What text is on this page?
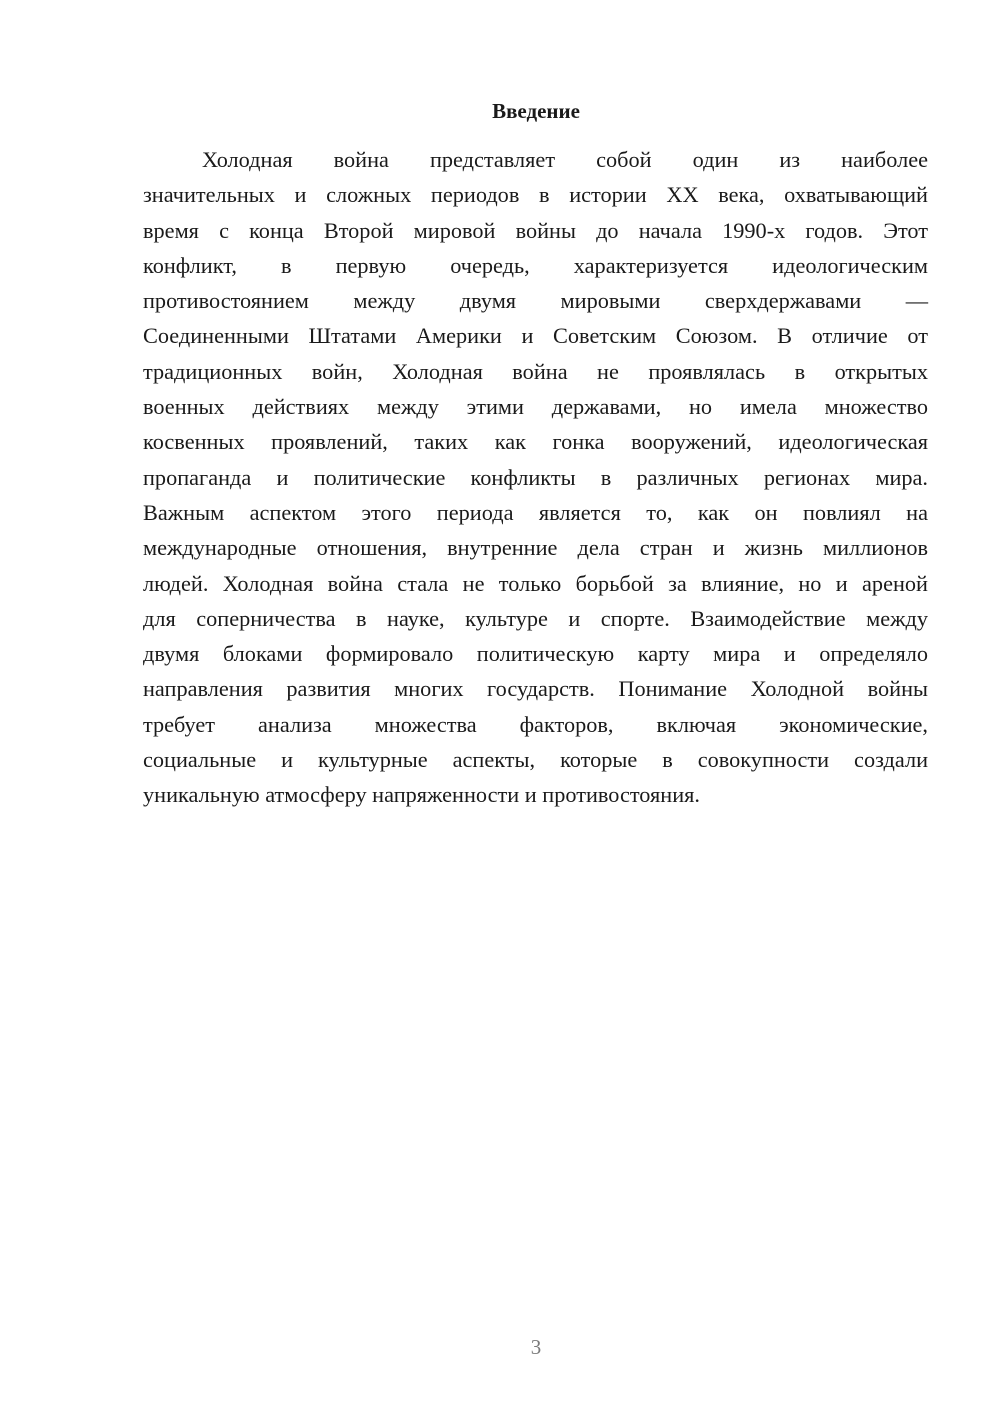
Введение
Холодная война представляет собой один из наиболее
значительных и сложных периодов в истории XX века, охватывающий
время с конца Второй мировой войны до начала 1990-х годов. Этот
конфликт, в первую очередь, характеризуется идеологическим
противостоянием между двумя мировыми сверхдержавами —
Соединенными Штатами Америки и Советским Союзом. В отличие от
традиционных войн, Холодная война не проявлялась в открытых
военных действиях между этими державами, но имела множество
косвенных проявлений, таких как гонка вооружений, идеологическая
пропаганда и политические конфликты в различных регионах мира.
Важным аспектом этого периода является то, как он повлиял на
международные отношения, внутренние дела стран и жизнь миллионов
людей. Холодная война стала не только борьбой за влияние, но и ареной
для соперничества в науке, культуре и спорте. Взаимодействие между
двумя блоками формировало политическую карту мира и определяло
направления развития многих государств. Понимание Холодной войны
требует анализа множества факторов, включая экономические,
социальные и культурные аспекты, которые в совокупности создали
уникальную атмосферу напряженности и противостояния.
3
